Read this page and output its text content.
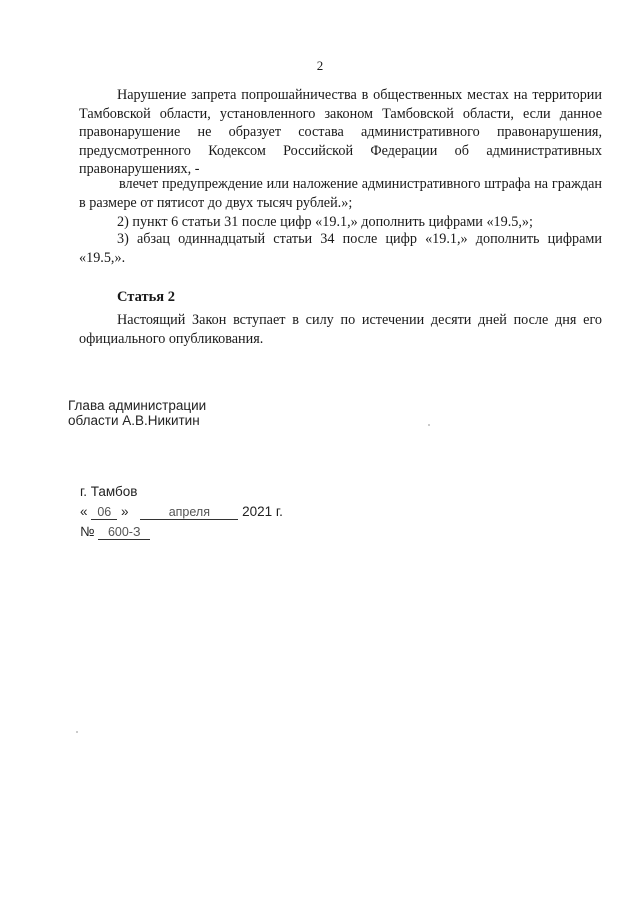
2
Нарушение запрета попрошайничества в общественных местах на территории Тамбовской области, установленного законом Тамбовской области, если данное правонарушение не образует состава административного правонарушения, предусмотренного Кодексом Российской Федерации об административных правонарушениях, -
влечет предупреждение или наложение административного штрафа на граждан в размере от пятисот до двух тысяч рублей.»;
2) пункт 6 статьи 31 после цифр «19.1,» дополнить цифрами «19.5,»;
3) абзац одиннадцатый статьи 34 после цифр «19.1,» дополнить цифрами «19.5,».
Статья 2
Настоящий Закон вступает в силу по истечении десяти дней после дня его официального опубликования.
Глава администрации
области А.В.Никитин
г. Тамбов
« 06 »	апреля 2021 г.
№ 600-З
